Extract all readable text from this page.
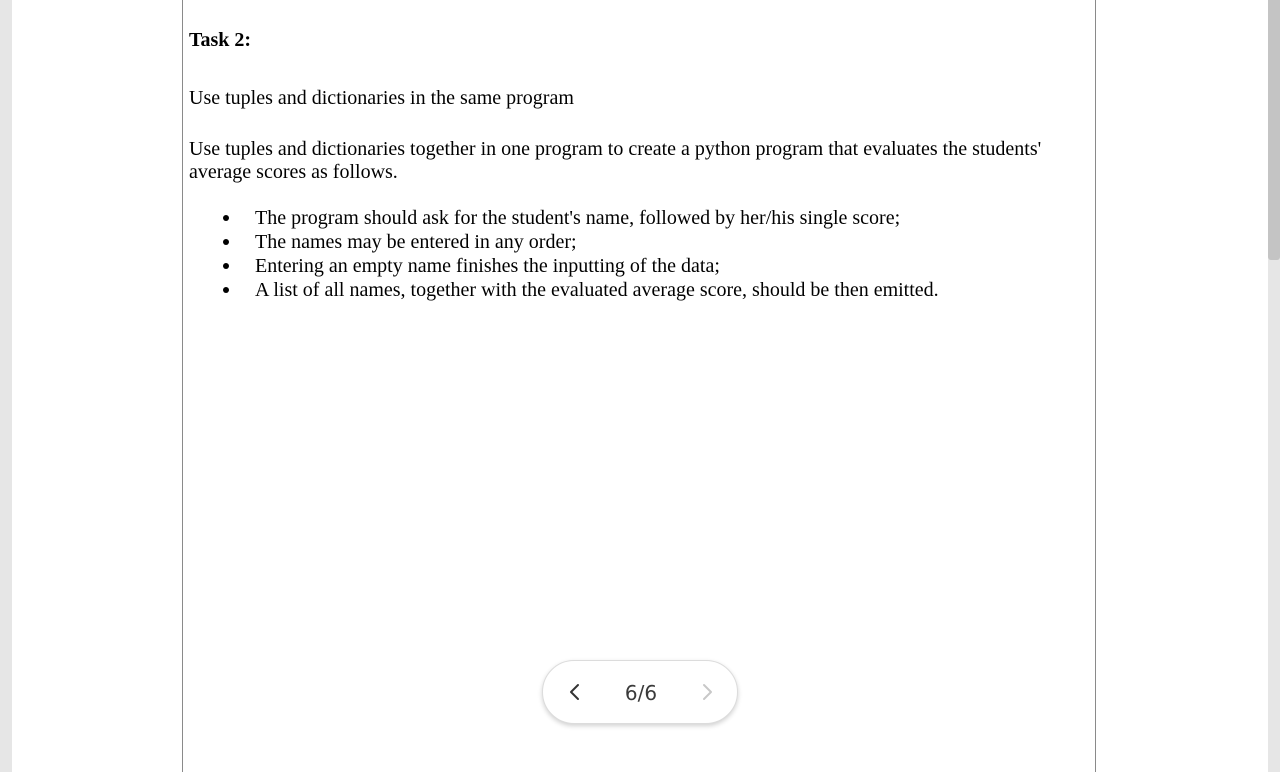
Task 2:

Use tuples and dictionaries in the same program

Use tuples and dictionaries together in one program to create a python program that evaluates the students' average scores as follows.

The program should ask for the student's name, followed by her/his single score;
The names may be entered in any order;
Entering an empty name finishes the inputting of the data;
A list of all names, together with the evaluated average score, should be then emitted.
6/6
